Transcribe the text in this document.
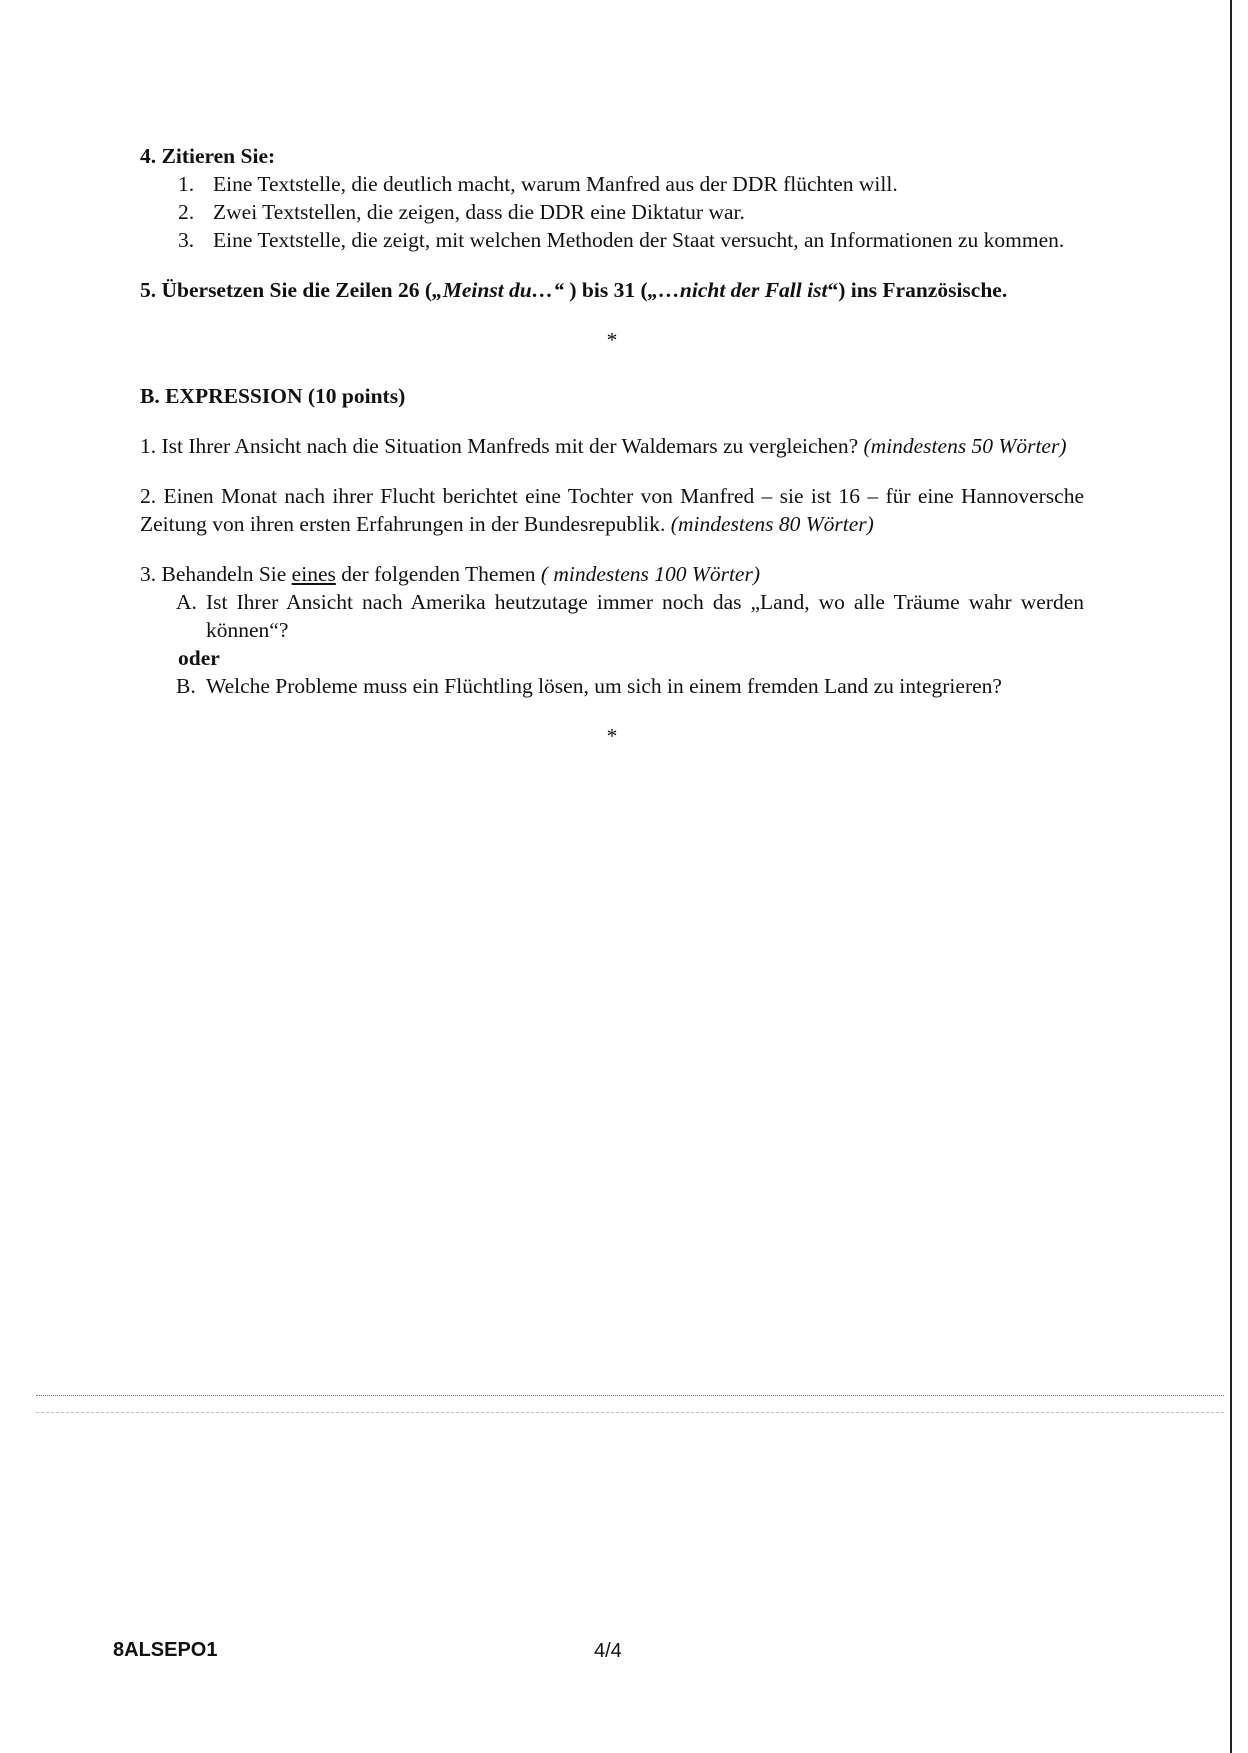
4. Zitieren Sie:
1. Eine Textstelle, die deutlich macht, warum Manfred aus der DDR flüchten will.
2. Zwei Textstellen, die zeigen, dass die DDR eine Diktatur war.
3. Eine Textstelle, die zeigt, mit welchen Methoden der Staat versucht, an Informationen zu kommen.
5. Übersetzen Sie die Zeilen 26 („Meinst du…“ ) bis 31 („…nicht der Fall ist“) ins Französische.
*
B. EXPRESSION (10 points)
1. Ist Ihrer Ansicht nach die Situation Manfreds mit der Waldemars zu vergleichen? (mindestens 50 Wörter)
2. Einen Monat nach ihrer Flucht berichtet eine Tochter von Manfred – sie ist 16 – für eine Hannoversche Zeitung von ihren ersten Erfahrungen in der Bundesrepublik. (mindestens 80 Wörter)
3. Behandeln Sie eines der folgenden Themen ( mindestens 100 Wörter)
A. Ist Ihrer Ansicht nach Amerika heutzutage immer noch das „Land, wo alle Träume wahr werden können“?
oder
B. Welche Probleme muss ein Flüchtling lösen, um sich in einem fremden Land zu integrieren?
*
8ALSEPO1	4/4
